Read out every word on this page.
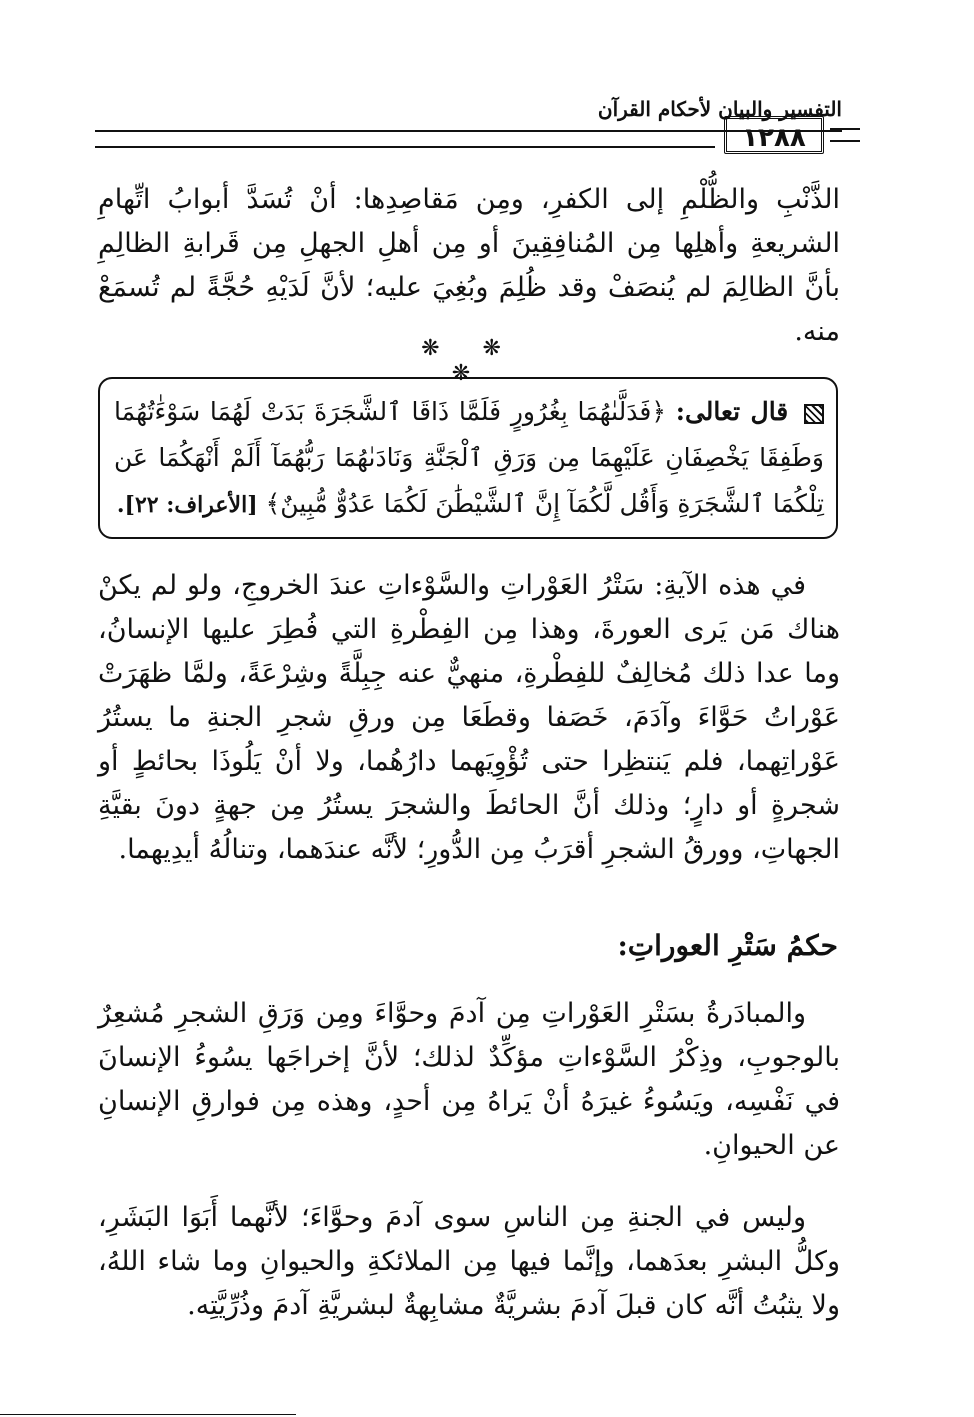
التفسير والبيان لأحكام القرآن
١٢٨٨

الذَّنْبِ والظُّلْمِ إلى الكفرِ، ومِن مَقاصِدِها: أنْ تُسَدَّ أبوابُ اتِّهامِ الشريعةِ وأهلِها مِن المُنافِقِينَ أو مِن أهلِ الجهلِ مِن قَرابةِ الظالِمِ بأنَّ الظالِمَ لم يُنصَفْ وقد ظُلِمَ وبُغِيَ عليه؛ لأنَّ لَدَيْهِ حُجَّةً لم تُسمَعْ منه.

❋ ❋ ❋

قال تعالى: ﴿فَدَلَّىٰهُمَا بِغُرُورٍ فَلَمَّا ذَاقَا ٱلشَّجَرَةَ بَدَتْ لَهُمَا سَوْءَٰتُهُمَا وَطَفِقَا يَخْصِفَانِ عَلَيْهِمَا مِن وَرَقِ ٱلْجَنَّةِ وَنَادَىٰهُمَا رَبُّهُمَآ أَلَمْ أَنْهَكُمَا عَن تِلْكُمَا ٱلشَّجَرَةِ وَأَقُل لَّكُمَآ إِنَّ ٱلشَّيْطَٰنَ لَكُمَا عَدُوٌّ مُّبِينٌ﴾ [الأعراف: ٢٢].

في هذه الآيةِ: سَتْرُ العَوْراتِ والسَّوْءاتِ عندَ الخروجِ، ولو لم يكنْ هناك مَن يَرى العورةَ، وهذا مِن الفِطْرةِ التي فُطِرَ عليها الإنسانُ، وما عدا ذلك مُخالِفٌ للفِطْرةِ، منهيٌّ عنه جِبِلَّةً وشِرْعَةً، ولمَّا ظهَرَتْ عَوْراتُ حَوَّاءَ وآدَمَ، خَصَفا وقطَعَا مِن ورقِ شجرِ الجنةِ ما يستُرُ عَوْراتِهما، فلم يَنتظِرا حتى تُؤْوِيَهما دارُهُما، ولا أنْ يَلُوذَا بحائطٍ أو شجرةٍ أو دارٍ؛ وذلك أنَّ الحائطَ والشجرَ يستُرُ مِن جهةٍ دونَ بقيَّةِ الجهاتِ، وورقُ الشجرِ أقرَبُ مِن الدُّورِ؛ لأنَّه عندَهما، وتنالُهُ أيدِيهما.

حكمُ سَتْرِ العوراتِ:

والمبادَرةُ بسَتْرِ العَوْراتِ مِن آدمَ وحوَّاءَ ومِن وَرَقِ الشجرِ مُشعِرٌ بالوجوبِ، وذِكْرُ السَّوْءاتِ مؤكِّدٌ لذلك؛ لأنَّ إخراجَها يسُوءُ الإنسانَ في نَفْسِه، ويَسُوءُ غيرَهُ أنْ يَراهُ مِن أحدٍ، وهذه مِن فوارقِ الإنسانِ عن الحيوانِ.

وليس في الجنةِ مِن الناسِ سوى آدمَ وحوَّاءَ؛ لأنَّهما أَبَوَا البَشَرِ، وكلُّ البشرِ بعدَهما، وإنَّما فيها مِن الملائكةِ والحيوانِ وما شاء اللهُ، ولا يثبُتُ أنَّه كان قبلَ آدمَ بشريَّةٌ مشابِهةٌ لبشريَّةِ آدمَ وذُرِّيَّتِه.
